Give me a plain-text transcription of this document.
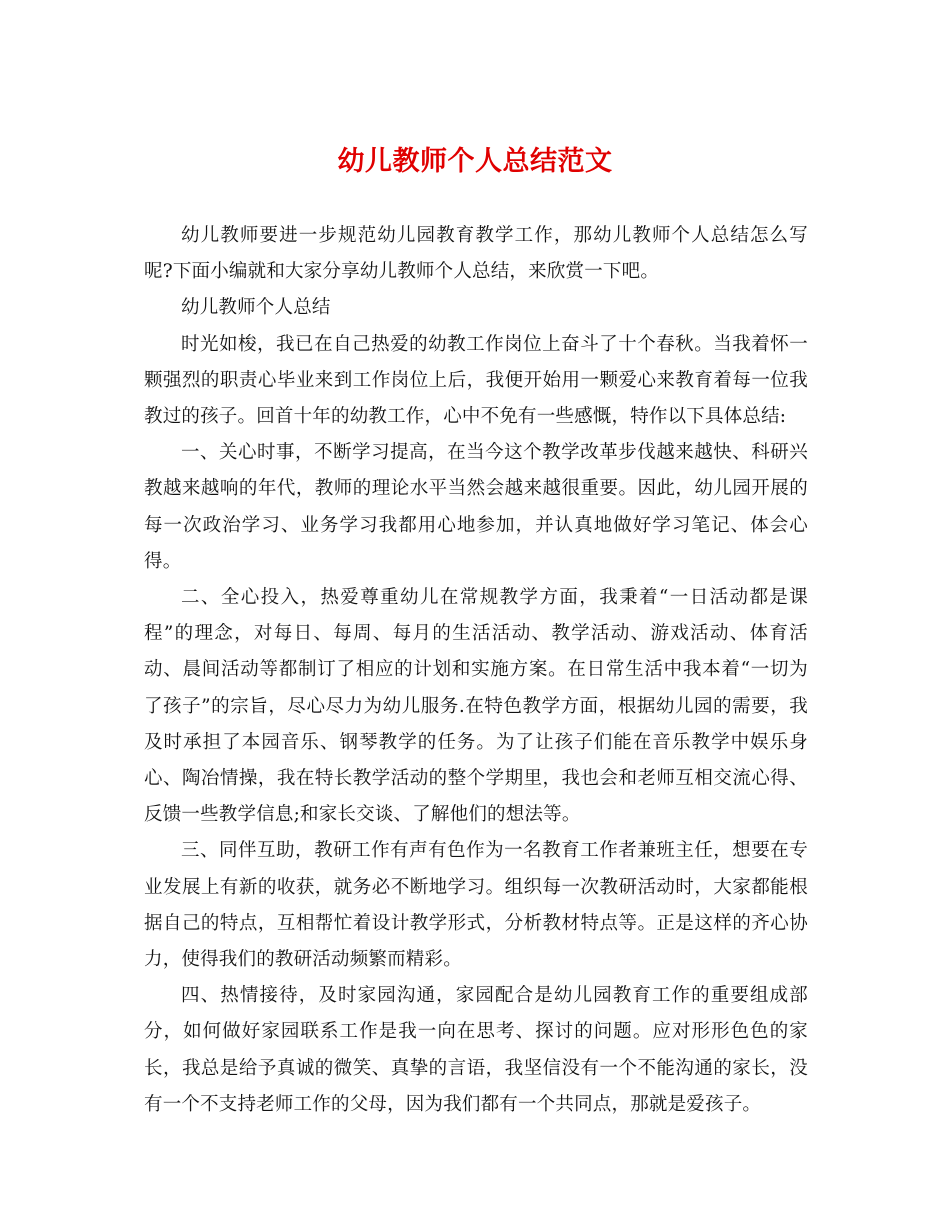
幼儿教师个人总结范文

幼儿教师要进一步规范幼儿园教育教学工作，那幼儿教师个人总结怎么写呢?下面小编就和大家分享幼儿教师个人总结，来欣赏一下吧。

幼儿教师个人总结

时光如梭，我已在自己热爱的幼教工作岗位上奋斗了十个春秋。当我着怀一颗强烈的职责心毕业来到工作岗位上后，我便开始用一颗爱心来教育着每一位我教过的孩子。回首十年的幼教工作，心中不免有一些感慨，特作以下具体总结:

一、关心时事，不断学习提高，在当今这个教学改革步伐越来越快、科研兴教越来越响的年代，教师的理论水平当然会越来越很重要。因此，幼儿园开展的每一次政治学习、业务学习我都用心地参加，并认真地做好学习笔记、体会心得。

二、全心投入，热爱尊重幼儿在常规教学方面，我秉着“一日活动都是课程”的理念，对每日、每周、每月的生活活动、教学活动、游戏活动、体育活动、晨间活动等都制订了相应的计划和实施方案。在日常生活中我本着“一切为了孩子”的宗旨，尽心尽力为幼儿服务.在特色教学方面，根据幼儿园的需要，我及时承担了本园音乐、钢琴教学的任务。为了让孩子们能在音乐教学中娱乐身心、陶冶情操，我在特长教学活动的整个学期里，我也会和老师互相交流心得、反馈一些教学信息;和家长交谈、了解他们的想法等。

三、同伴互助，教研工作有声有色作为一名教育工作者兼班主任，想要在专业发展上有新的收获，就务必不断地学习。组织每一次教研活动时，大家都能根据自己的特点，互相帮忙着设计教学形式，分析教材特点等。正是这样的齐心协力，使得我们的教研活动频繁而精彩。

四、热情接待，及时家园沟通，家园配合是幼儿园教育工作的重要组成部分，如何做好家园联系工作是我一向在思考、探讨的问题。应对形形色色的家长，我总是给予真诚的微笑、真挚的言语，我坚信没有一个不能沟通的家长，没有一个不支持老师工作的父母，因为我们都有一个共同点，那就是爱孩子。
